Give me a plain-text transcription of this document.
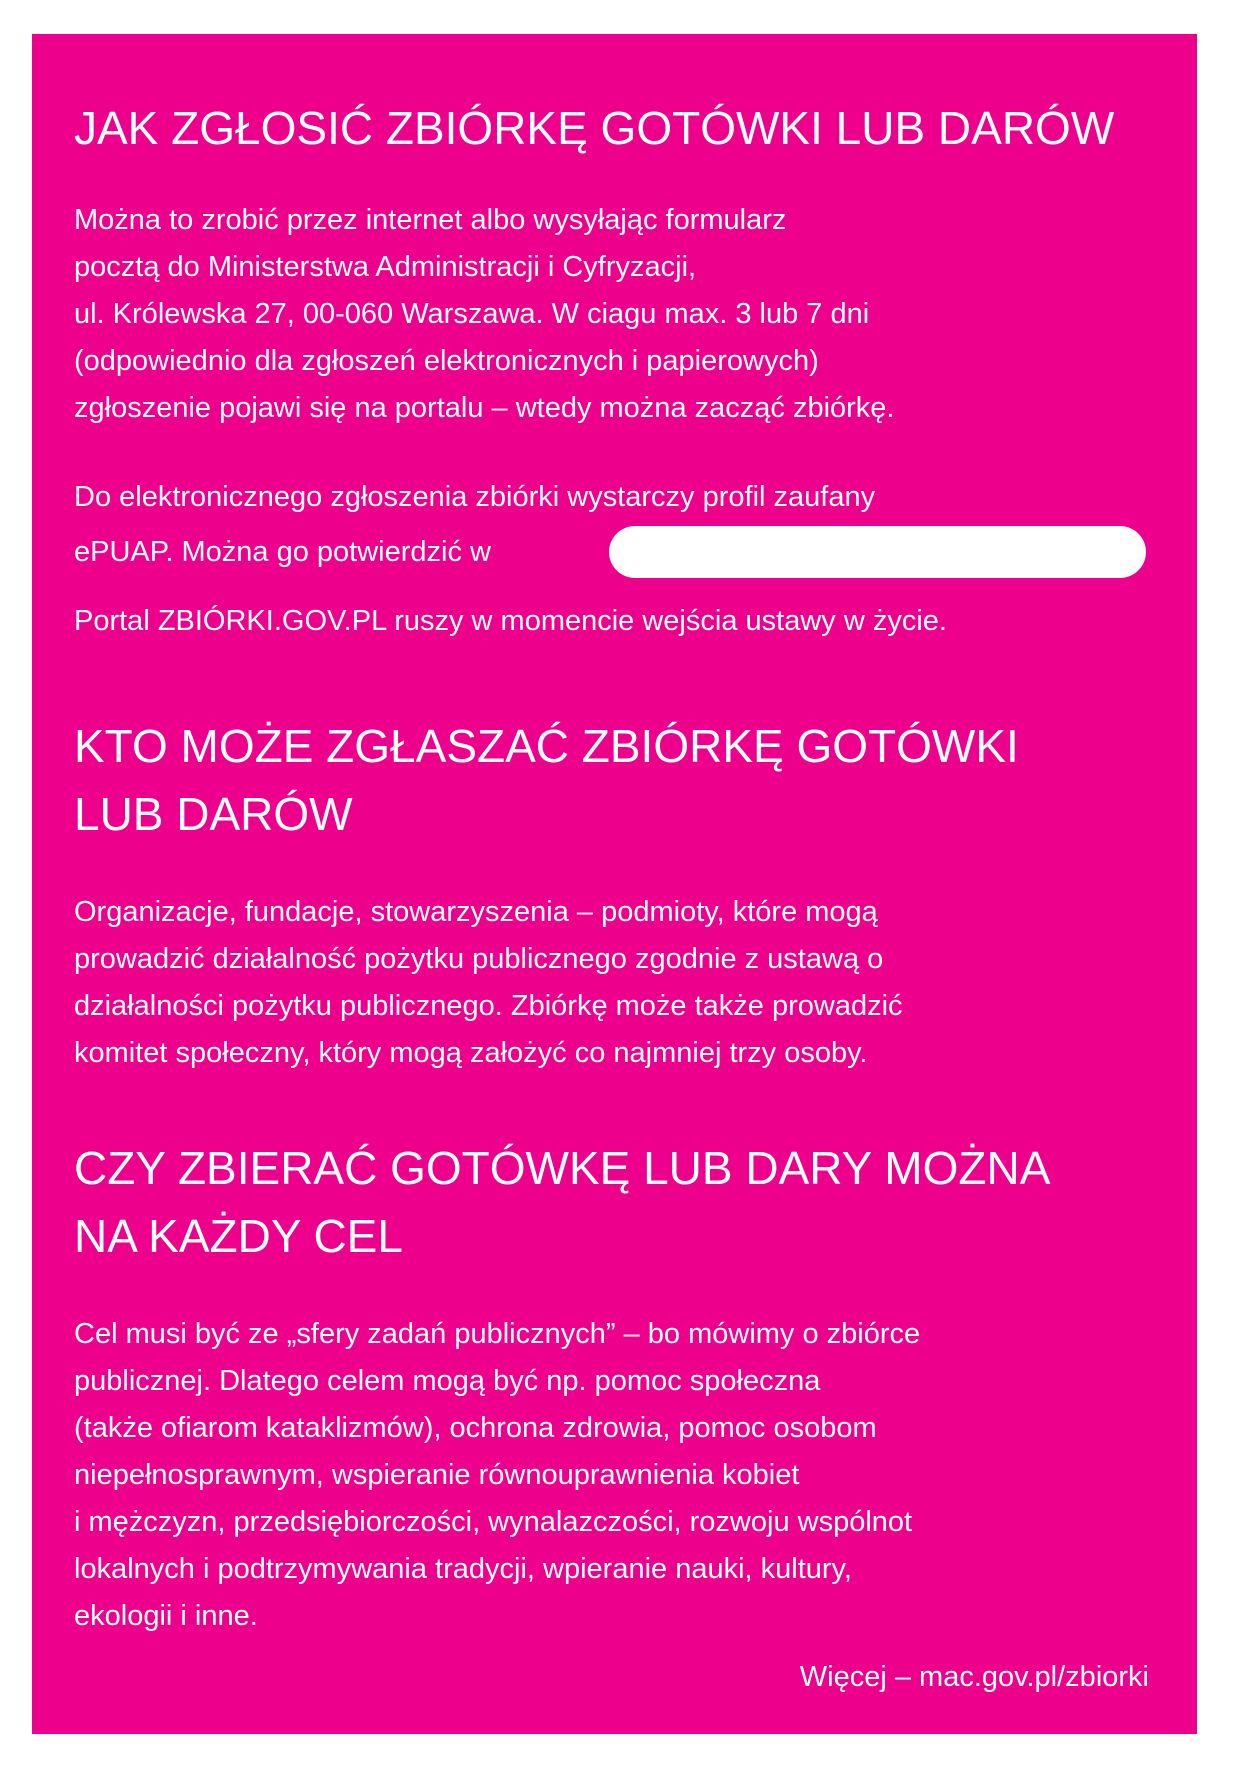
JAK ZGŁOSIĆ ZBIÓRKĘ GOTÓWKI LUB DARÓW

Można to zrobić przez internet albo wysyłając formularz
pocztą do Ministerstwa Administracji i Cyfryzacji,
ul. Królewska 27, 00-060 Warszawa. W ciagu max. 3 lub 7 dni
(odpowiednio dla zgłoszeń elektronicznych i papierowych)
zgłoszenie pojawi się na portalu – wtedy można zacząć zbiórkę.

Do elektronicznego zgłoszenia zbiórki wystarczy profil zaufany

ePUAP. Można go potwierdzić w

Portal ZBIÓRKI.GOV.PL ruszy w momencie wejścia ustawy w życie.

KTO MOŻE ZGŁASZAĆ ZBIÓRKĘ GOTÓWKI
LUB DARÓW

Organizacje, fundacje, stowarzyszenia – podmioty, które mogą
prowadzić działalność pożytku publicznego zgodnie z ustawą o
działalności pożytku publicznego. Zbiórkę może także prowadzić
komitet społeczny, który mogą założyć co najmniej trzy osoby.

CZY ZBIERAĆ GOTÓWKĘ LUB DARY MOŻNA
NA KAŻDY CEL

Cel musi być ze „sfery zadań publicznych” – bo mówimy o zbiórce
publicznej. Dlatego celem mogą być np. pomoc społeczna
(także ofiarom kataklizmów), ochrona zdrowia, pomoc osobom
niepełnosprawnym, wspieranie równouprawnienia kobiet
i mężczyzn, przedsiębiorczości, wynalazczości, rozwoju wspólnot
lokalnych i podtrzymywania tradycji, wpieranie nauki, kultury,
ekologii i inne.

Więcej – mac.gov.pl/zbiorki
